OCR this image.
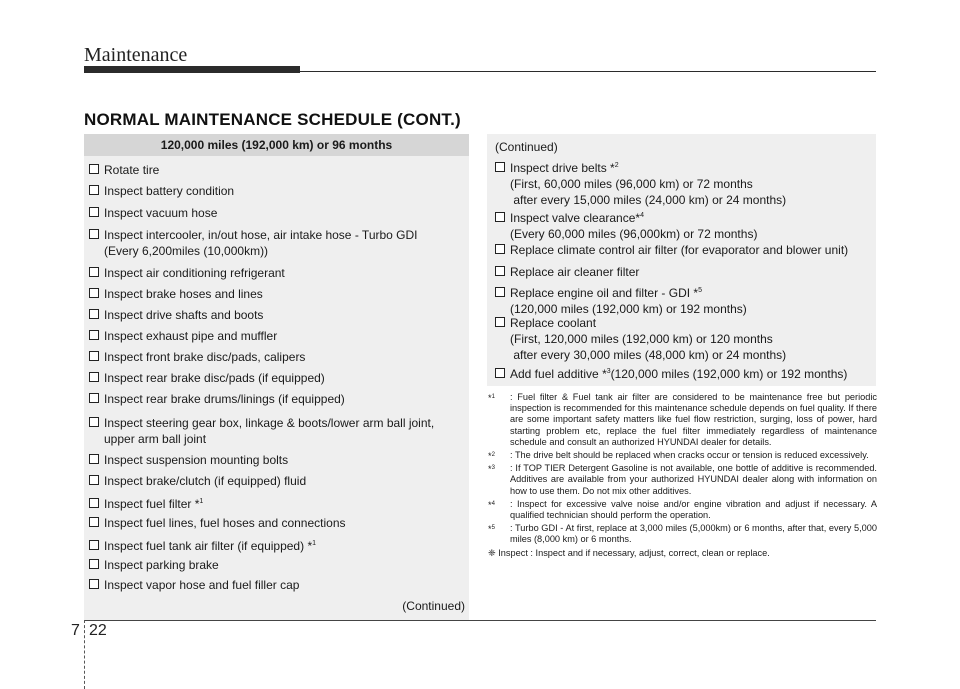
Maintenance
NORMAL MAINTENANCE SCHEDULE (CONT.)
120,000 miles (192,000 km) or 96 months
Rotate tire
Inspect battery condition
Inspect vacuum hose
Inspect intercooler, in/out hose, air intake hose - Turbo GDI
(Every 6,200miles (10,000km))
Inspect air conditioning refrigerant
Inspect brake hoses and lines
Inspect drive shafts and boots
Inspect exhaust pipe and muffler
Inspect front brake disc/pads, calipers
Inspect rear brake disc/pads (if equipped)
Inspect rear brake drums/linings (if equipped)
Inspect steering gear box, linkage & boots/lower arm ball joint,
upper arm ball joint
Inspect suspension mounting bolts
Inspect brake/clutch (if equipped) fluid
Inspect fuel filter *$^1$
Inspect fuel lines, fuel hoses and connections
Inspect fuel tank air filter (if equipped) *$^1$
Inspect parking brake
Inspect vapor hose and fuel filler cap
(Continued)
(Continued)
Inspect drive belts *$^2$
(First, 60,000 miles (96,000 km) or 72 months
after every 15,000 miles (24,000 km) or 24 months)
Inspect valve clearance*$^4$
(Every 60,000 miles (96,000km) or 72 months)
Replace climate control air filter (for evaporator and blower unit)
Replace air cleaner filter
Replace engine oil and filter - GDI *$^5$
(120,000 miles (192,000 km) or 192 months)
Replace coolant
(First, 120,000 miles (192,000 km) or 120 months
after every 30,000 miles (48,000 km) or 24 months)
Add fuel additive *$^3$(120,000 miles (192,000 km) or 192 months)
*$^1$ : Fuel filter & Fuel tank air filter are considered to be maintenance free but periodic inspection is recommended for this maintenance schedule depends on fuel quality. If there are some important safety matters like fuel flow restriction, surging, loss of power, hard starting problem etc, replace the fuel filter immediately regardless of maintenance schedule and consult an authorized HYUNDAI dealer for details.
*$^2$ : The drive belt should be replaced when cracks occur or tension is reduced excessively.
*$^3$ : If TOP TIER Detergent Gasoline is not available, one bottle of additive is recommended. Additives are available from your authorized HYUNDAI dealer along with information on how to use them. Do not mix other additives.
*$^4$ : Inspect for excessive valve noise and/or engine vibration and adjust if necessary. A qualified technician should perform the operation.
*$^5$ : Turbo GDI - At first, replace at 3,000 miles (5,000km) or 6 months, after that, every 5,000 miles (8,000 km) or 6 months.
❈ Inspect : Inspect and if necessary, adjust, correct, clean or replace.
7 22
